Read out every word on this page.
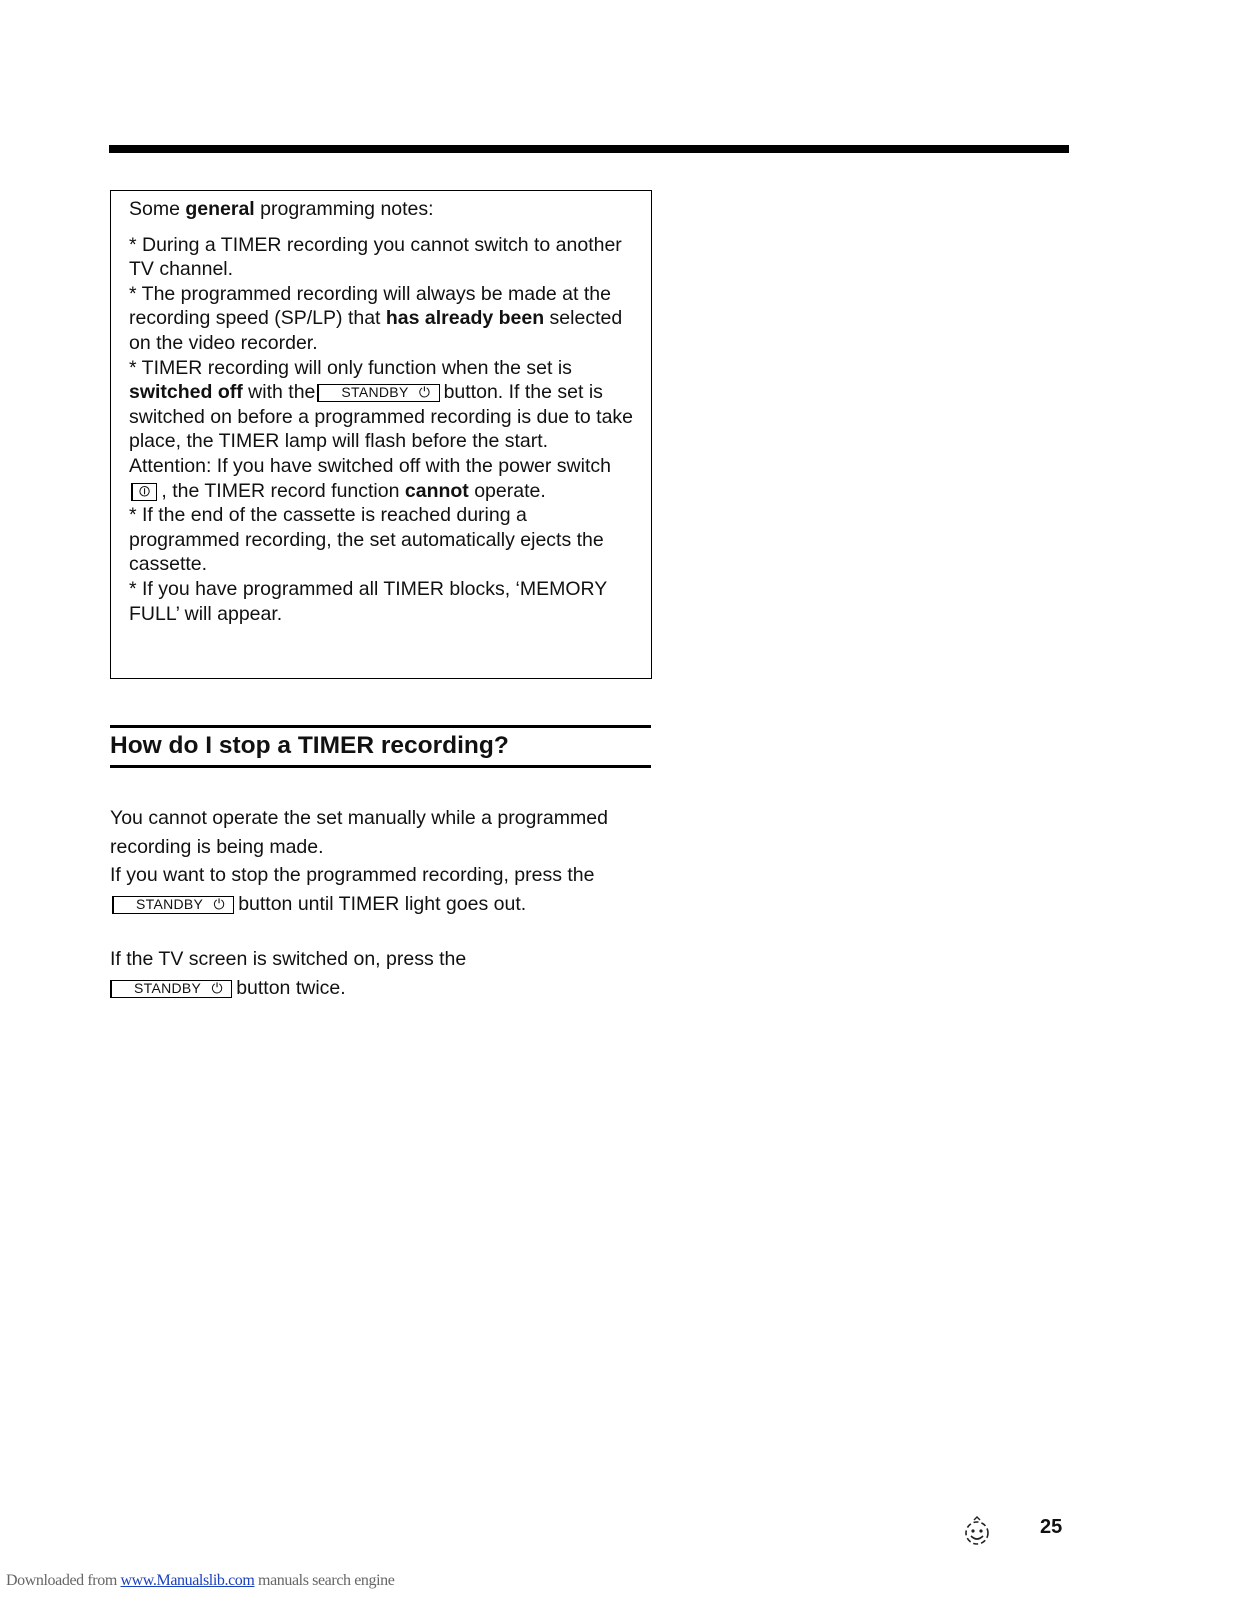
Some general programming notes:

* During a TIMER recording you cannot switch to another TV channel.

* The programmed recording will always be made at the recording speed (SP/LP) that has already been selected on the video recorder.

* TIMER recording will only function when the set is switched off with the STANDBY ⏻ button. If the set is switched on before a programmed recording is due to take place, the TIMER lamp will flash before the start.

Attention: If you have switched off with the power switch⏼ , the TIMER record function cannot operate.

* If the end of the cassette is reached during a programmed recording, the set automatically ejects the cassette.

* If you have programmed all TIMER blocks, ‘MEMORY FULL’ will appear.

How do I stop a TIMER recording?

You cannot operate the set manually while a programmed recording is being made.

If you want to stop the programmed recording, press theSTANDBY ⏻ button until TIMER light goes out.

If the TV screen is switched on, press the
STANDBY ⏻ button twice.

25
Downloaded from www.Manualslib.com manuals search engine
